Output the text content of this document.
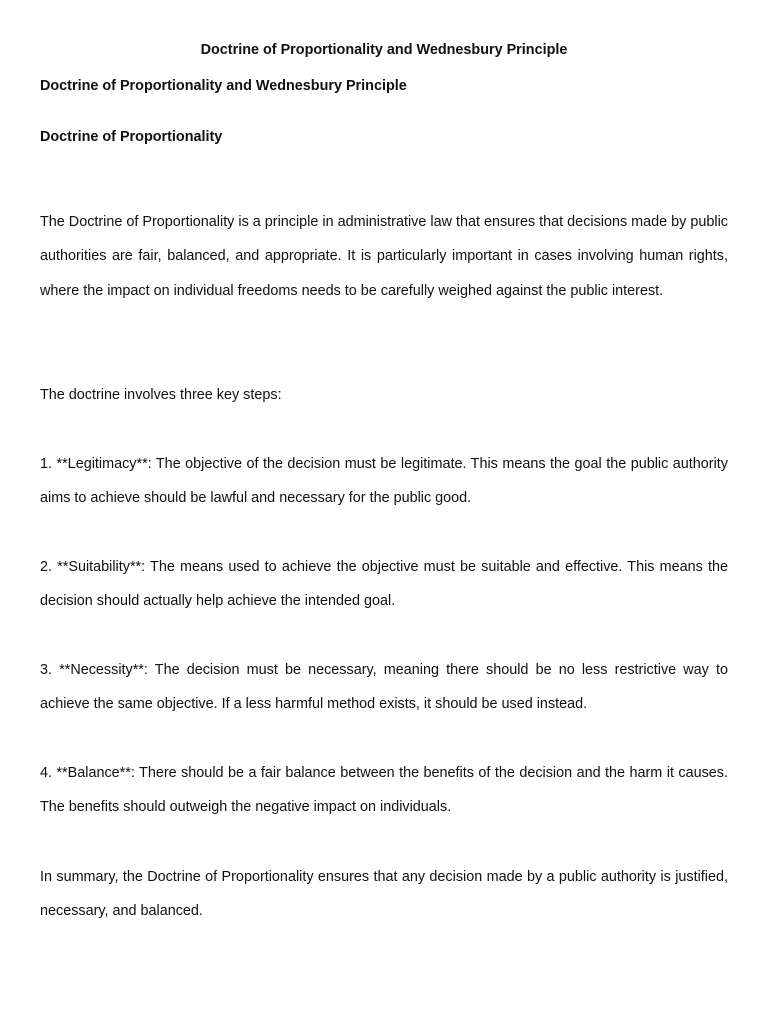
Doctrine of Proportionality and Wednesbury Principle
Doctrine of Proportionality and Wednesbury Principle
Doctrine of Proportionality

The Doctrine of Proportionality is a principle in administrative law that ensures that decisions made by public authorities are fair, balanced, and appropriate. It is particularly important in cases involving human rights, where the impact on individual freedoms needs to be carefully weighed against the public interest.

The doctrine involves three key steps:

1. **Legitimacy**: The objective of the decision must be legitimate. This means the goal the public authority aims to achieve should be lawful and necessary for the public good.

2. **Suitability**: The means used to achieve the objective must be suitable and effective. This means the decision should actually help achieve the intended goal.

3. **Necessity**: The decision must be necessary, meaning there should be no less restrictive way to achieve the same objective. If a less harmful method exists, it should be used instead.

4. **Balance**: There should be a fair balance between the benefits of the decision and the harm it causes. The benefits should outweigh the negative impact on individuals.

In summary, the Doctrine of Proportionality ensures that any decision made by a public authority is justified, necessary, and balanced.
